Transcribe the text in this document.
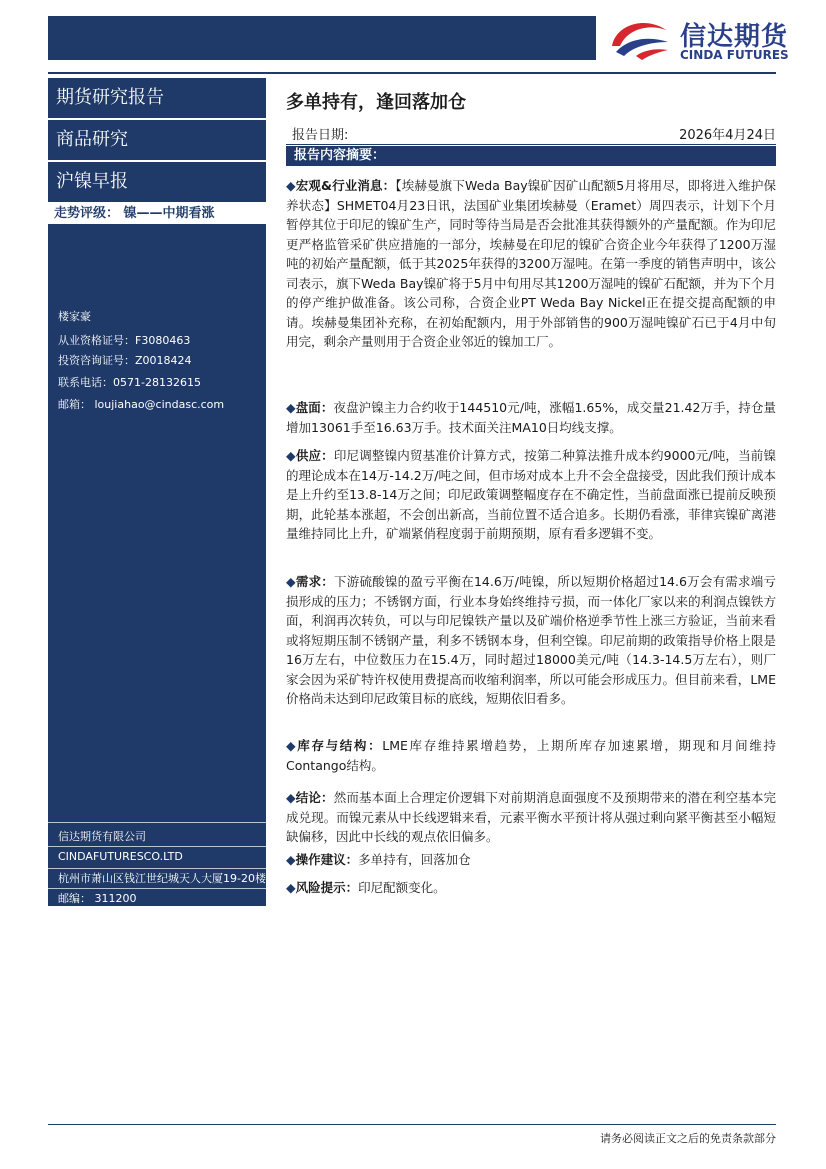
信达期货
CINDA FUTURES
期货研究报告
商品研究
沪镍早报
走势评级： 镍——中期看涨
楼家豪
从业资格证号：F3080463
投资咨询证号：Z0018424
联系电话：0571-28132615
邮箱： loujiahao@cindasc.com
信达期货有限公司
CINDAFUTURESCO.LTD
杭州市萧山区钱江世纪城天人大厦19-20楼
邮编： 311200
多单持有，逢回落加仓
报告日期:	2026年4月24日
报告内容摘要：
◆宏观&行业消息：【埃赫曼旗下Weda Bay镍矿因矿山配额5月将用尽，即将进入维护保养状态】SHMET04月23日讯，法国矿业集团埃赫曼（Eramet）周四表示，计划下个月暂停其位于印尼的镍矿生产，同时等待当局是否会批准其获得额外的产量配额。作为印尼更严格监管采矿供应措施的一部分，埃赫曼在印尼的镍矿合资企业今年获得了1200万湿吨的初始产量配额，低于其2025年获得的3200万湿吨。在第一季度的销售声明中，该公司表示，旗下Weda Bay镍矿将于5月中旬用尽其1200万湿吨的镍矿石配额，并为下个月的停产维护做准备。该公司称，合资企业PT Weda Bay Nickel正在提交提高配额的申请。埃赫曼集团补充称，在初始配额内，用于外部销售的900万湿吨镍矿石已于4月中旬用完，剩余产量则用于合资企业邻近的镍加工厂。
◆盘面：夜盘沪镍主力合约收于144510元/吨，涨幅1.65%，成交量21.42万手，持仓量增加13061手至16.63万手。技术面关注MA10日均线支撑。
◆供应：印尼调整镍内贸基准价计算方式，按第二种算法推升成本约9000元/吨，当前镍的理论成本在14万-14.2万/吨之间，但市场对成本上升不会全盘接受，因此我们预计成本是上升约至13.8-14万之间；印尼政策调整幅度存在不确定性，当前盘面涨已提前反映预期，此轮基本涨超，不会创出新高，当前位置不适合追多。长期仍看涨，菲律宾镍矿离港量维持同比上升，矿端紧俏程度弱于前期预期，原有看多逻辑不变。
◆需求：下游硫酸镍的盈亏平衡在14.6万/吨镍，所以短期价格超过14.6万会有需求端亏损形成的压力；不锈钢方面，行业本身始终维持亏损，而一体化厂家以来的利润点镍铁方面，利润再次转负，可以与印尼镍铁产量以及矿端价格逆季节性上涨三方验证，当前来看或将短期压制不锈钢产量，利多不锈钢本身，但利空镍。印尼前期的政策指导价格上限是16万左右，中位数压力在15.4万，同时超过18000美元/吨（14.3-14.5万左右），则厂家会因为采矿特许权使用费提高而收缩利润率，所以可能会形成压力。但目前来看，LME价格尚未达到印尼政策目标的底线，短期依旧看多。
◆库存与结构：LME库存维持累增趋势，上期所库存加速累增，期现和月间维持Contango结构。
◆结论：然而基本面上合理定价逻辑下对前期消息面强度不及预期带来的潜在利空基本完成兑现。而镍元素从中长线逻辑来看，元素平衡水平预计将从强过剩向紧平衡甚至小幅短缺偏移，因此中长线的观点依旧偏多。
◆操作建议：多单持有，回落加仓
◆风险提示：印尼配额变化。
请务必阅读正文之后的免责条款部分
